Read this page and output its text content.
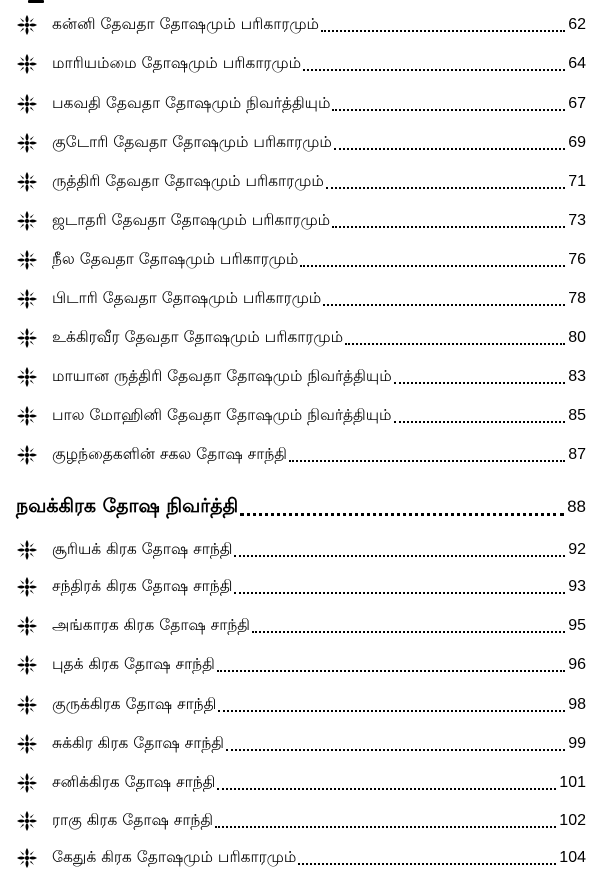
கன்னி தேவதா தோஷமும் பரிகாரமும்	62
மாரியம்மை தோஷமும் பரிகாரமும்	64
பகவதி தேவதா தோஷமும் நிவர்த்தியும்	67
குடோரி தேவதா தோஷமும் பரிகாரமும்	69
ருத்திரி தேவதா தோஷமும் பரிகாரமும்	71
ஜடாதரி தேவதா தோஷமும் பரிகாரமும்	73
நீல தேவதா தோஷமும் பரிகாரமும்	76
பிடாரி தேவதா தோஷமும் பரிகாரமும்	78
உக்கிரவீர தேவதா தோஷமும் பரிகாரமும்	80
மாயான ருத்திரி தேவதா தோஷமும் நிவர்த்தியும்	83
பால மோஹினி தேவதா தோஷமும் நிவர்த்தியும்	85
குழந்தைகளின் சகல தோஷ சாந்தி	87
நவக்கிரக தோஷ நிவர்த்தி	88
சூரியக் கிரக தோஷ சாந்தி	92
சந்திரக் கிரக தோஷ சாந்தி	93
அங்காரக கிரக தோஷ சாந்தி	95
புதக் கிரக தோஷ சாந்தி	96
குருக்கிரக தோஷ சாந்தி	98
சுக்கிர கிரக தோஷ சாந்தி	99
சனிக்கிரக தோஷ சாந்தி	101
ராகு கிரக தோஷ சாந்தி	102
கேதுக் கிரக தோஷமும் பரிகாரமும்	104
